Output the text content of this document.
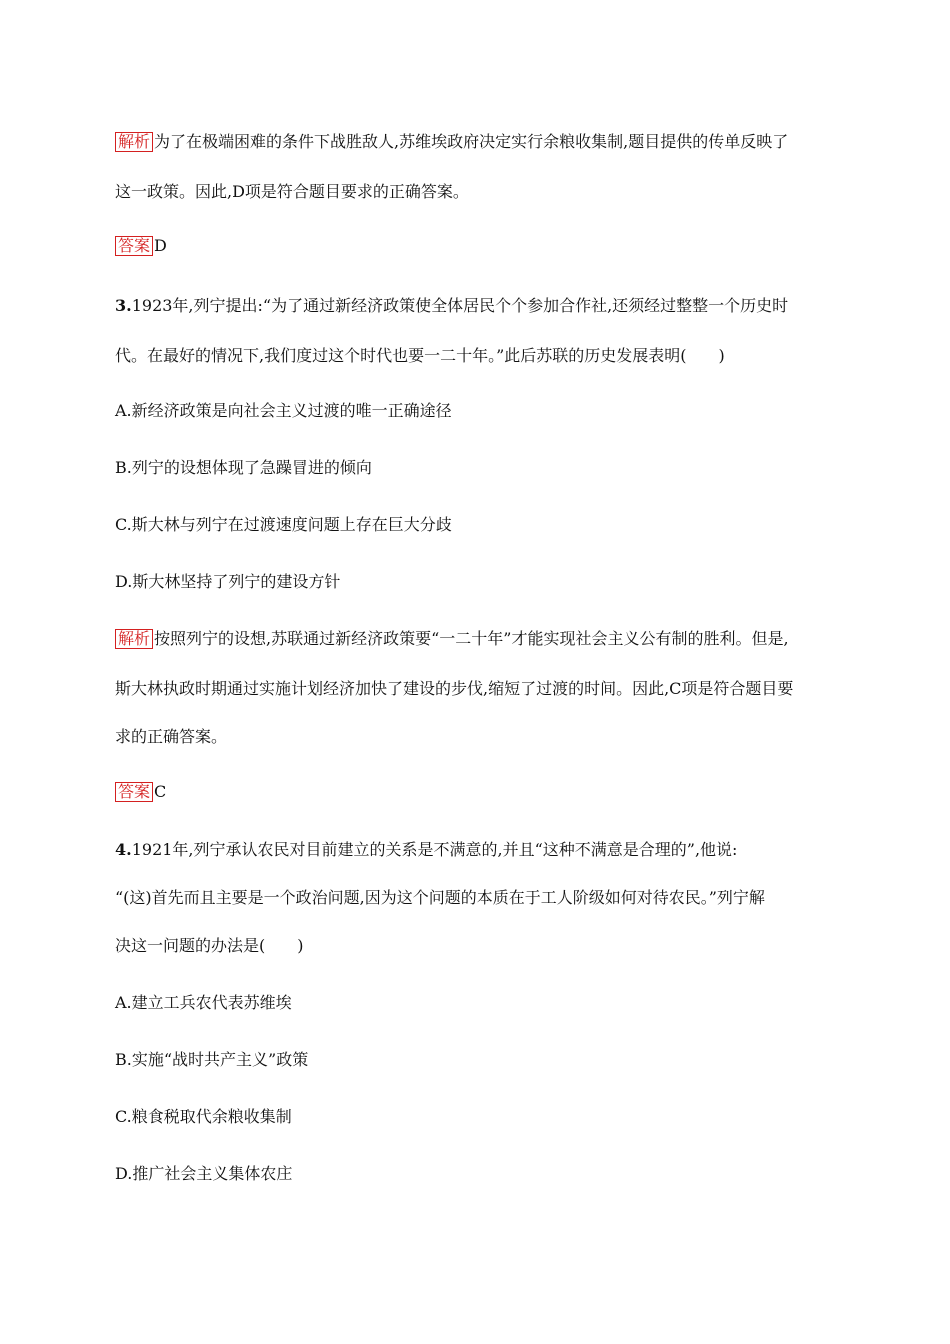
解析 为了在极端困难的条件下战胜敌人,苏维埃政府决定实行余粮收集制,题目提供的传单反映了
这一政策。因此,D项是符合题目要求的正确答案。
答案 D
3.1923年,列宁提出:“为了通过新经济政策使全体居民个个参加合作社,还须经过整整一个历史时
代。在最好的情况下,我们度过这个时代也要一二十年。”此后苏联的历史发展表明(　　)
A.新经济政策是向社会主义过渡的唯一正确途径
B.列宁的设想体现了急躁冒进的倾向
C.斯大林与列宁在过渡速度问题上存在巨大分歧
D.斯大林坚持了列宁的建设方针
解析 按照列宁的设想,苏联通过新经济政策要“一二十年”才能实现社会主义公有制的胜利。但是,
斯大林执政时期通过实施计划经济加快了建设的步伐,缩短了过渡的时间。因此,C项是符合题目要
求的正确答案。
答案 C
4.1921年,列宁承认农民对目前建立的关系是不满意的,并且“这种不满意是合理的”,他说:
“(这)首先而且主要是一个政治问题,因为这个问题的本质在于工人阶级如何对待农民。”列宁解
决这一问题的办法是(　　)
A.建立工兵农代表苏维埃
B.实施“战时共产主义”政策
C.粮食税取代余粮收集制
D.推广社会主义集体农庄
